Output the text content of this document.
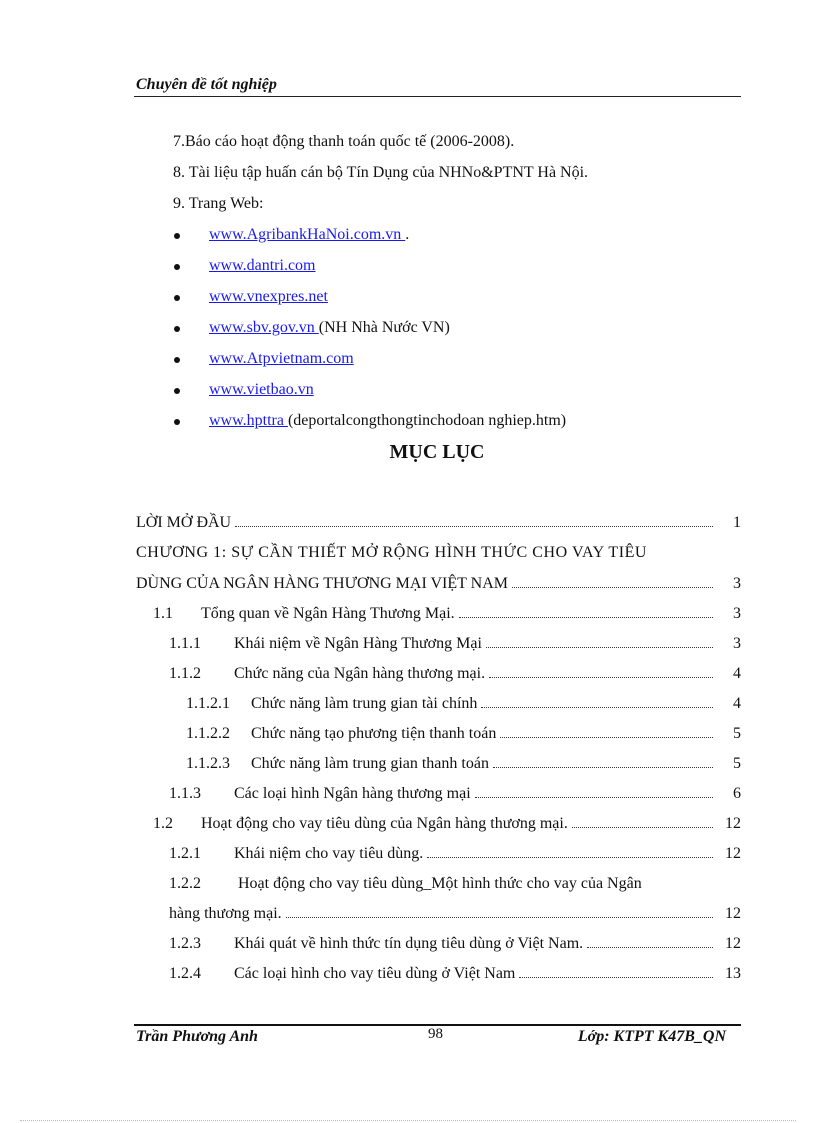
Chuyên đề tốt nghiệp
7.Báo cáo hoạt động thanh toán quốc tế (2006-2008).
8. Tài liệu tập huấn cán bộ Tín Dụng của NHNo&PTNT Hà Nội.
9. Trang Web:
www.AgribankHaNoi.com.vn .
www.dantri.com
www.vnexpres.net
www.sbv.gov.vn (NH Nhà Nước VN)
www.Atpvietnam.com
www.vietbao.vn
www.hpttra (deportalcongthongtinchodoan nghiep.htm)
MỤC LỤC
LỜI MỞ ĐẦU	1
CHƯƠNG 1: SỰ CẦN THIẾT MỞ RỘNG HÌNH THỨC CHO VAY TIÊU
DÙNG CỦA NGÂN HÀNG THƯƠNG MẠI VIỆT NAM	3
1.1	Tổng quan về Ngân Hàng Thương Mại.	3
1.1.1	Khái niệm về Ngân Hàng Thương Mại	3
1.1.2	Chức năng của Ngân hàng thương mại.	4
1.1.2.1	Chức năng làm trung gian tài chính	4
1.1.2.2	Chức năng tạo phương tiện thanh toán	5
1.1.2.3	Chức năng làm trung gian thanh toán	5
1.1.3	Các loại hình Ngân hàng thương mại	6
1.2	Hoạt động cho vay tiêu dùng của Ngân hàng thương mại.	12
1.2.1	Khái niệm cho vay tiêu dùng.	12
1.2.2 Hoạt động cho vay tiêu dùng_Một hình thức cho vay của Ngân
hàng thương mại.	12
1.2.3	Khái quát về hình thức tín dụng tiêu dùng ở Việt Nam.	12
1.2.4	Các loại hình cho vay tiêu dùng ở Việt Nam	13
Trần Phương Anh	98	Lớp: KTPT K47B_QN
